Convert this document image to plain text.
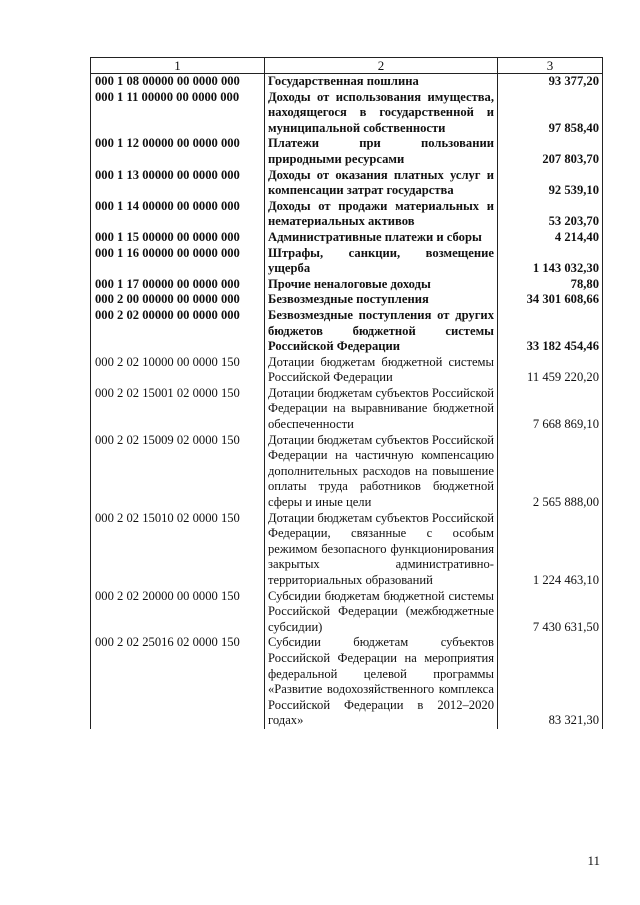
1	2	3
000 1 08 00000 00 0000 000	Государственная пошлина	93 377,20
000 1 11 00000 00 0000 000	Доходы от использования имущества, находящегося в государственной и муниципальной собственности	97 858,40
000 1 12 00000 00 0000 000	Платежи при пользовании природными ресурсами	207 803,70
000 1 13 00000 00 0000 000	Доходы от оказания платных услуг и компенсации затрат государства	92 539,10
000 1 14 00000 00 0000 000	Доходы от продажи материальных и нематериальных активов	53 203,70
000 1 15 00000 00 0000 000	Административные платежи и сборы	4 214,40
000 1 16 00000 00 0000 000	Штрафы, санкции, возмещение ущерба	1 143 032,30
000 1 17 00000 00 0000 000	Прочие неналоговые доходы	78,80
000 2 00 00000 00 0000 000	Безвозмездные поступления	34 301 608,66
000 2 02 00000 00 0000 000	Безвозмездные поступления от других бюджетов бюджетной системы Российской Федерации	33 182 454,46
000 2 02 10000 00 0000 150	Дотации бюджетам бюджетной системы Российской Федерации	11 459 220,20
000 2 02 15001 02 0000 150	Дотации бюджетам субъектов Российской Федерации на выравнивание бюджетной обеспеченности	7 668 869,10
000 2 02 15009 02 0000 150	Дотации бюджетам субъектов Российской Федерации на частичную компенсацию дополнительных расходов на повышение оплаты труда работников бюджетной сферы и иные цели	2 565 888,00
000 2 02 15010 02 0000 150	Дотации бюджетам субъектов Российской Федерации, связанные с особым режимом безопасного функционирования закрытых административно-территориальных образований	1 224 463,10
000 2 02 20000 00 0000 150	Субсидии бюджетам бюджетной системы Российской Федерации (межбюджетные субсидии)	7 430 631,50
000 2 02 25016 02 0000 150	Субсидии бюджетам субъектов Российской Федерации на мероприятия федеральной целевой программы «Развитие водохозяйственного комплекса Российской Федерации в 2012–2020 годах»	83 321,30
11
